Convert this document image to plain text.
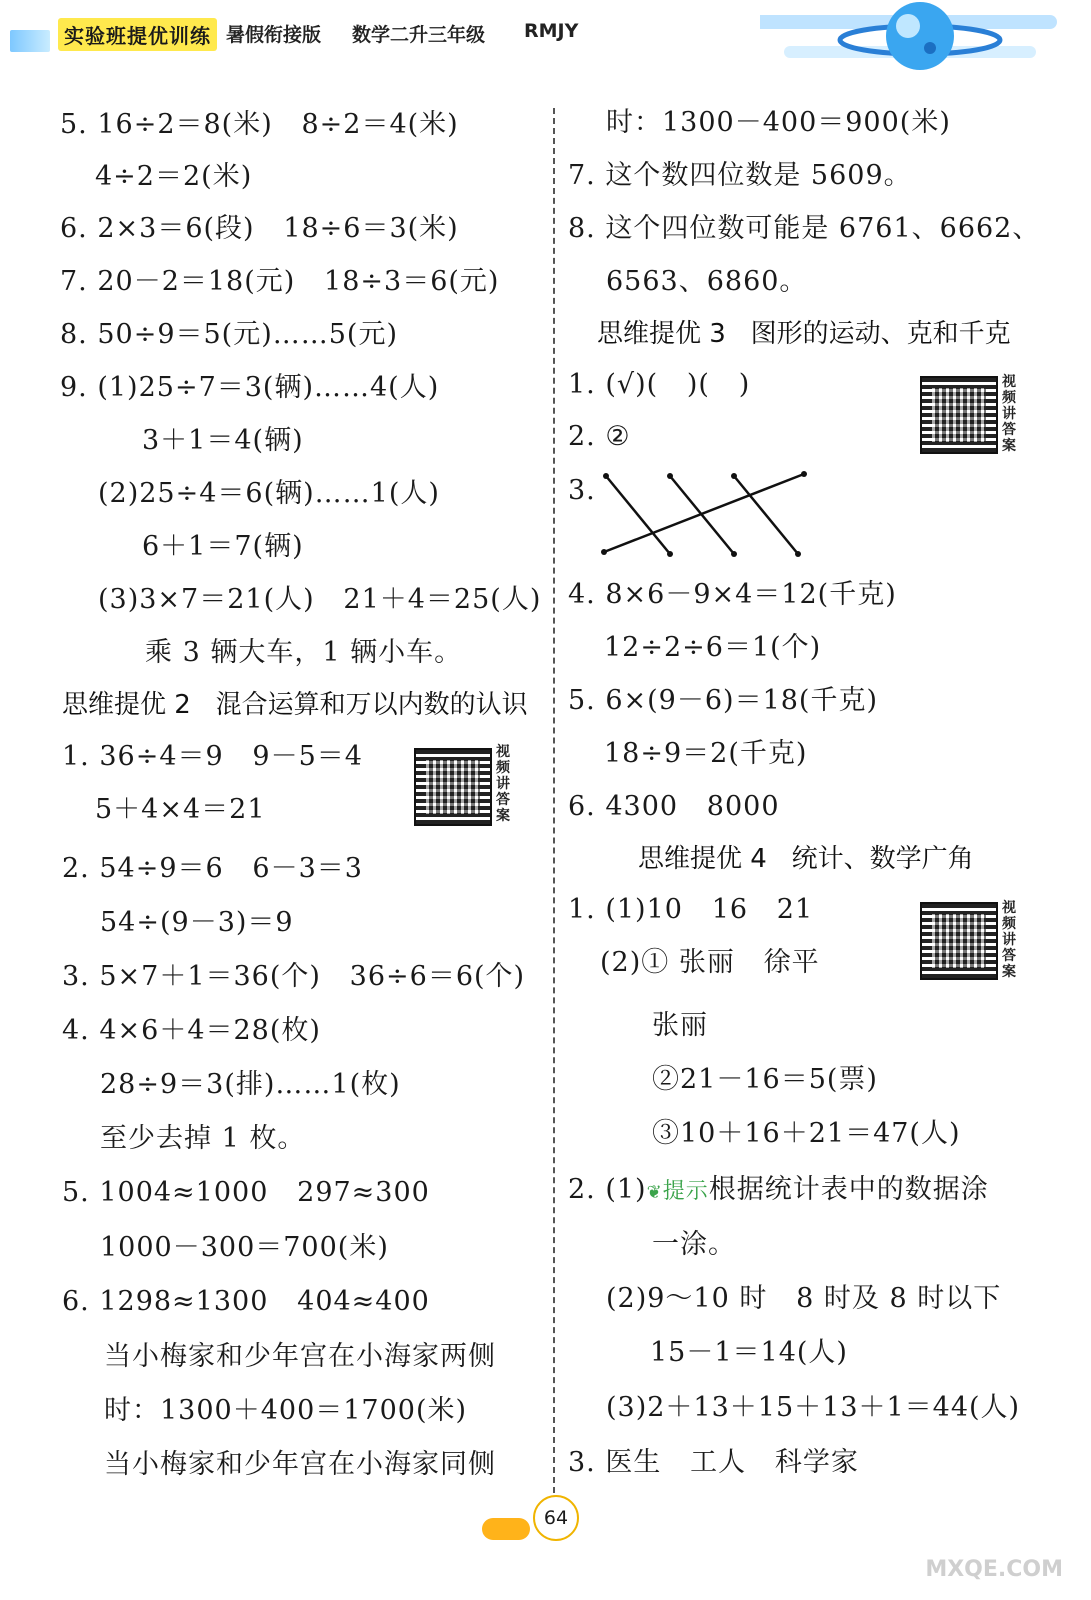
实验班提优训练 暑假衔接版 数学二升三年级 RMJY
5. 16÷2＝8(米)   8÷2＝4(米)
4÷2＝2(米)
6. 2×3＝6(段)   18÷6＝3(米)
7. 20－2＝18(元)   18÷3＝6(元)
8. 50÷9＝5(元)……5(元)
9. (1)25÷7＝3(辆)……4(人)
3＋1＝4(辆)
(2)25÷4＝6(辆)……1(人)
6＋1＝7(辆)
(3)3×7＝21(人)   21＋4＝25(人)
乘 3 辆大车，1 辆小车。
思维提优 2   混合运算和万以内数的认识
1. 36÷4＝9   9－5＝4
5＋4×4＝21
视频讲答案
2. 54÷9＝6   6－3＝3
54÷(9－3)＝9
3. 5×7＋1＝36(个)   36÷6＝6(个)
4. 4×6＋4＝28(枚)
28÷9＝3(排)……1(枚)
至少去掉 1 枚。
5. 1004≈1000   297≈300
1000－300＝700(米)
6. 1298≈1300   404≈400
当小梅家和少年宫在小海家两侧
时：1300＋400＝1700(米)
当小梅家和少年宫在小海家同侧
时：1300－400＝900(米)
7. 这个数四位数是 5609。
8. 这个四位数可能是 6761、6662、
6563、6860。
思维提优 3   图形的运动、克和千克
1. (√)(   )(   )	视频讲答案
2. ②
3.
4. 8×6－9×4＝12(千克)
12÷2÷6＝1(个)
5. 6×(9－6)＝18(千克)
18÷9＝2(千克)
6. 4300   8000
思维提优 4   统计、数学广角
1. (1)10   16   21	视频讲答案
(2)① 张丽   徐平
张丽
②21－16＝5(票)
③10＋16＋21＝47(人)
2. (1)❦提示根据统计表中的数据涂
一涂。
(2)9～10 时   8 时及 8 时以下
15－1＝14(人)
(3)2＋13＋15＋13＋1＝44(人)
3. 医生   工人   科学家
64
MXQE.COM
